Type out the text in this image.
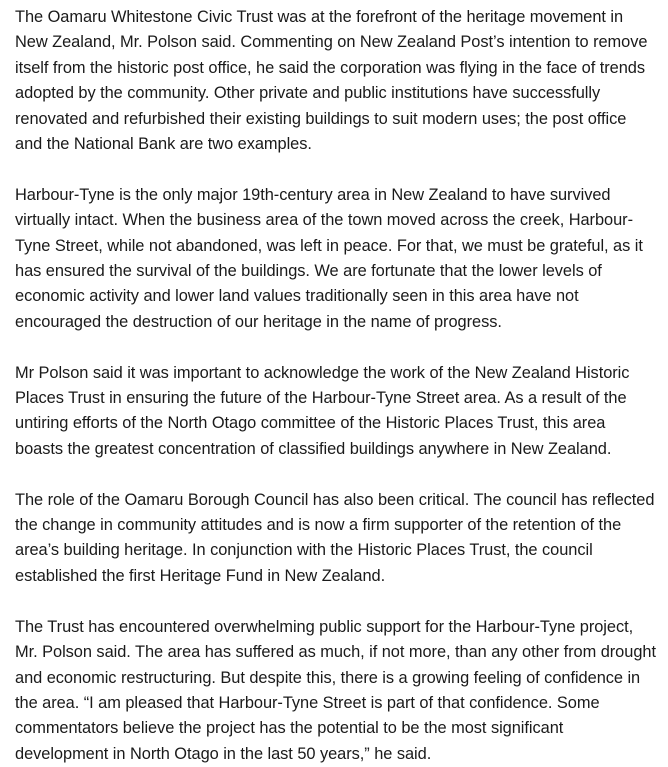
The Oamaru Whitestone Civic Trust was at the forefront of the heritage movement in New Zealand, Mr. Polson said. Commenting on New Zealand Post’s intention to remove itself from the historic post office, he said the corporation was flying in the face of trends adopted by the community. Other private and public institutions have successfully renovated and refurbished their existing buildings to suit modern uses; the post office and the National Bank are two examples.

Harbour-Tyne is the only major 19th-century area in New Zealand to have survived virtually intact. When the business area of the town moved across the creek, Harbour-Tyne Street, while not abandoned, was left in peace. For that, we must be grateful, as it has ensured the survival of the buildings. We are fortunate that the lower levels of economic activity and lower land values traditionally seen in this area have not encouraged the destruction of our heritage in the name of progress.

Mr Polson said it was important to acknowledge the work of the New Zealand Historic Places Trust in ensuring the future of the Harbour-Tyne Street area. As a result of the untiring efforts of the North Otago committee of the Historic Places Trust, this area boasts the greatest concentration of classified buildings anywhere in New Zealand.

The role of the Oamaru Borough Council has also been critical. The council has reflected the change in community attitudes and is now a firm supporter of the retention of the area’s building heritage. In conjunction with the Historic Places Trust, the council established the first Heritage Fund in New Zealand.

The Trust has encountered overwhelming public support for the Harbour-Tyne project, Mr. Polson said. The area has suffered as much, if not more, than any other from drought and economic restructuring. But despite this, there is a growing feeling of confidence in the area. “I am pleased that Harbour-Tyne Street is part of that confidence. Some commentators believe the project has the potential to be the most significant development in North Otago in the last 50 years,” he said.
